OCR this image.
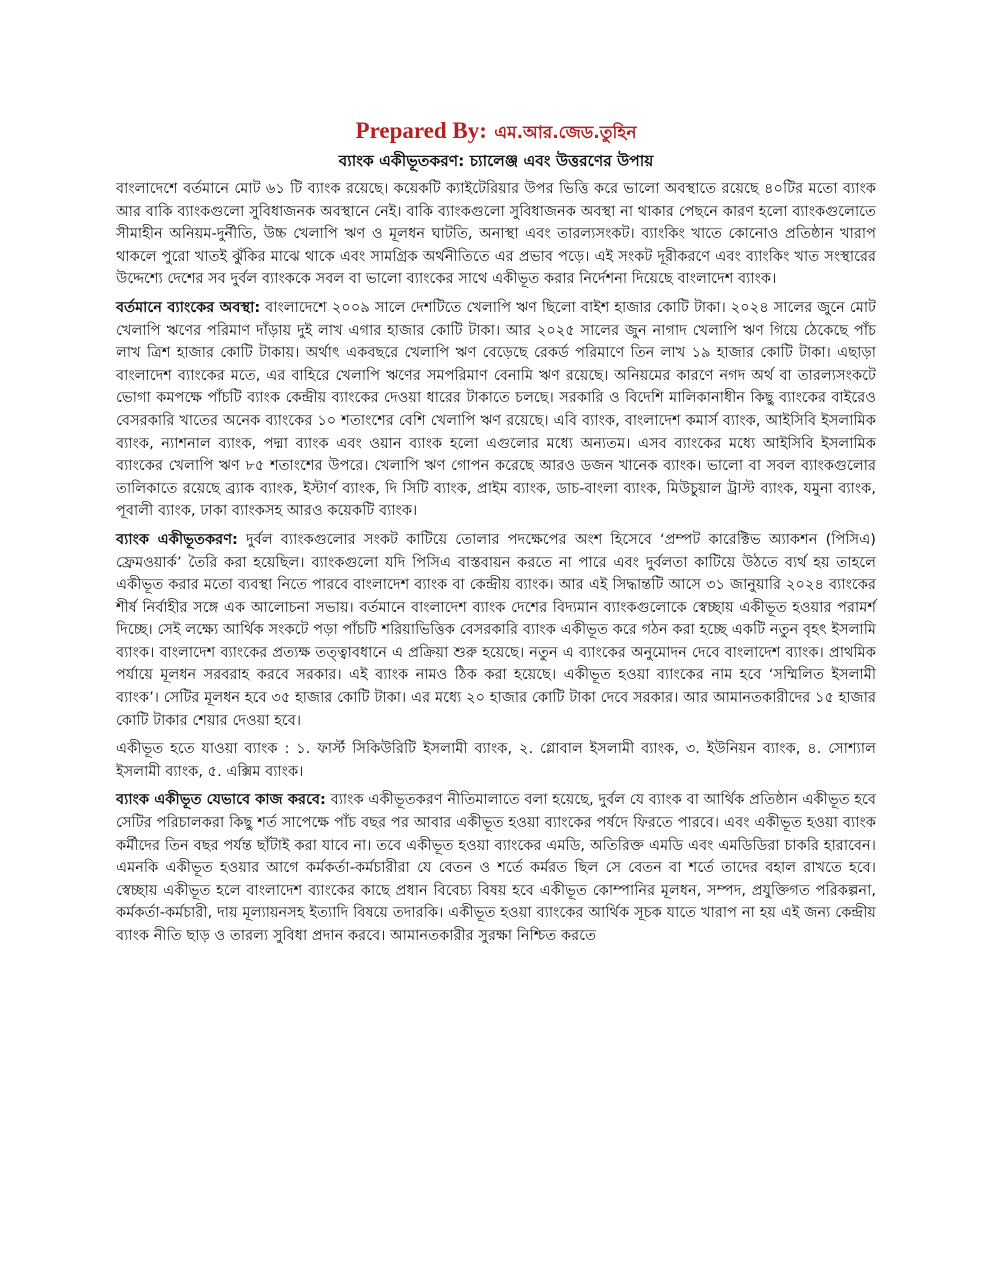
Prepared By: এম.আর.জেড.তুহিন
ব্যাংক একীভূতকরণ: চ্যালেঞ্জ এবং উত্তরণের উপায়

বাংলাদেশে বর্তমানে মোট ৬১ টি ব্যাংক রয়েছে। কয়েকটি ক্যাইটেরিয়ার উপর ভিত্তি করে ভালো অবস্থাতে রয়েছে ৪০টির মতো ব্যাংক আর বাকি ব্যাংকগুলো সুবিধাজনক অবস্থানে নেই। বাকি ব্যাংকগুলো সুবিধাজনক অবস্থা না থাকার পেছনে কারণ হলো ব্যাংকগুলোতে সীমাহীন অনিয়ম-দুর্নীতি, উচ্চ খেলাপি ঋণ ও মূলধন ঘাটতি, অনাস্থা এবং তারল্যসংকট। ব্যাংকিং খাতে কোনোও প্রতিষ্ঠান খারাপ থাকলে পুরো খাতই ঝুঁকির মাঝে থাকে এবং সামগ্রিক অর্থনীতিতে এর প্রভাব পড়ে। এই সংকট দূরীকরণে এবং ব্যাংকিং খাত সংস্থারের উদ্দেশ্যে দেশের সব দুর্বল ব্যাংককে সবল বা ভালো ব্যাংকের সাথে একীভূত করার নির্দেশনা দিয়েছে বাংলাদেশ ব্যাংক।

বর্তমানে ব্যাংকের অবস্থা: বাংলাদেশে ২০০৯ সালে দেশটিতে খেলাপি ঋণ ছিলো বাইশ হাজার কোটি টাকা। ২০২৪ সালের জুনে মোট খেলাপি ঋণের পরিমাণ দাঁড়ায় দুই লাখ এগার হাজার কোটি টাকা। আর ২০২৫ সালের জুন নাগাদ খেলাপি ঋণ গিয়ে ঠেকেছে পাঁচ লাখ ত্রিশ হাজার কোটি টাকায়। অর্থাৎ একবছরে খেলাপি ঋণ বেড়েছে রেকর্ড পরিমাণে তিন লাখ ১৯ হাজার কোটি টাকা। এছাড়া বাংলাদেশ ব্যাংকের মতে, এর বাহিরে খেলাপি ঋণের সমপরিমাণ বেনামি ঋণ রয়েছে। অনিয়মের কারণে নগদ অর্থ বা তারল্যসংকটে ভোগা কমপক্ষে পাঁচটি ব্যাংক কেন্দ্রীয় ব্যাংকের দেওয়া ধারের টাকাতে চলছে। সরকারি ও বিদেশি মালিকানাধীন কিছু ব্যাংকের বাইরেও বেসরকারি খাতের অনেক ব্যাংকের ১০ শতাংশের বেশি খেলাপি ঋণ রয়েছে। এবি ব্যাংক, বাংলাদেশ কমার্স ব্যাংক, আইসিবি ইসলামিক ব্যাংক, ন্যাশনাল ব্যাংক, পদ্মা ব্যাংক এবং ওয়ান ব্যাংক হলো এগুলোর মধ্যে অন্যতম। এসব ব্যাংকের মধ্যে আইসিবি ইসলামিক ব্যাংকের খেলাপি ঋণ ৮৫ শতাংশের উপরে। খেলাপি ঋণ গোপন করেছে আরও ডজন খানেক ব্যাংক। ভালো বা সবল ব্যাংকগুলোর তালিকাতে রয়েছে ব্র্যাক ব্যাংক, ইস্টার্ণ ব্যাংক, দি সিটি ব্যাংক, প্রাইম ব্যাংক, ডাচ-বাংলা ব্যাংক, মিউচুয়াল ট্রাস্ট ব্যাংক, যমুনা ব্যাংক, পূবালী ব্যাংক, ঢাকা ব্যাংকসহ আরও কয়েকটি ব্যাংক।

ব্যাংক একীভূতকরণ: দুর্বল ব্যাংকগুলোর সংকট কাটিয়ে তোলার পদক্ষেপের অংশ হিসেবে ‘প্রম্পট কারেক্টিভ অ্যাকশন (পিসিএ) ফ্রেমওয়ার্ক’ তৈরি করা হয়েছিল। ব্যাংকগুলো যদি পিসিএ বাস্তবায়ন করতে না পারে এবং দুর্বলতা কাটিয়ে উঠতে ব্যর্থ হয় তাহলে একীভূত করার মতো ব্যবস্থা নিতে পারবে বাংলাদেশ ব্যাংক বা কেন্দ্রীয় ব্যাংক। আর এই সিদ্ধান্তটি আসে ৩১ জানুয়ারি ২০২৪ ব্যাংকের শীর্ষ নির্বাহীর সঙ্গে এক আলোচনা সভায়। বর্তমানে বাংলাদেশ ব্যাংক দেশের বিদ্যমান ব্যাংকগুলোকে স্বেচ্ছায় একীভূত হওয়ার পরামর্শ দিচ্ছে। সেই লক্ষ্যে আর্থিক সংকটে পড়া পাঁচটি শরিয়াভিত্তিক বেসরকারি ব্যাংক একীভূত করে গঠন করা হচ্ছে একটি নতুন বৃহৎ ইসলামি ব্যাংক। বাংলাদেশ ব্যাংকের প্রত্যক্ষ তত্ত্বাবধানে এ প্রক্রিয়া শুরু হয়েছে। নতুন এ ব্যাংকের অনুমোদন দেবে বাংলাদেশ ব্যাংক। প্রাথমিক পর্যায়ে মূলধন সরবরাহ করবে সরকার। এই ব্যাংক নামও ঠিক করা হয়েছে। একীভূত হওয়া ব্যাংকের নাম হবে ‘সম্মিলিত ইসলামী ব্যাংক’। সেটির মূলধন হবে ৩৫ হাজার কোটি টাকা। এর মধ্যে ২০ হাজার কোটি টাকা দেবে সরকার। আর আমানতকারীদের ১৫ হাজার কোটি টাকার শেয়ার দেওয়া হবে।

একীভূত হতে যাওয়া ব্যাংক : ১. ফার্স্ট সিকিউরিটি ইসলামী ব্যাংক, ২. গ্লোবাল ইসলামী ব্যাংক, ৩. ইউনিয়ন ব্যাংক, ৪. সোশ্যাল ইসলামী ব্যাংক, ৫. এক্সিম ব্যাংক।

ব্যাংক একীভূত যেভাবে কাজ করবে: ব্যাংক একীভূতকরণ নীতিমালাতে বলা হয়েছে, দুর্বল যে ব্যাংক বা আর্থিক প্রতিষ্ঠান একীভূত হবে সেটির পরিচালকরা কিছু শর্ত সাপেক্ষে পাঁচ বছর পর আবার একীভূত হওয়া ব্যাংকের পর্ষদে ফিরতে পারবে। এবং একীভূত হওয়া ব্যাংক কর্মীদের তিন বছর পর্যন্ত ছাঁটাই করা যাবে না। তবে একীভূত হওয়া ব্যাংকের এমডি, অতিরিক্ত এমডি এবং এমডিডিরা চাকরি হারাবেন। এমনকি একীভূত হওয়ার আগে কর্মকর্তা-কর্মচারীরা যে বেতন ও শর্তে কর্মরত ছিল সে বেতন বা শর্তে তাদের বহাল রাখতে হবে। স্বেচ্ছায় একীভূত হলে বাংলাদেশ ব্যাংকের কাছে প্রধান বিবেচ্য বিষয় হবে একীভূত কোম্পানির মূলধন, সম্পদ, প্রযুক্তিগত পরিকল্পনা, কর্মকর্তা-কর্মচারী, দায় মূল্যায়নসহ ইত্যাদি বিষয়ে তদারকি। একীভূত হওয়া ব্যাংকের আর্থিক সূচক যাতে খারাপ না হয় এই জন্য কেন্দ্রীয় ব্যাংক নীতি ছাড় ও তারল্য সুবিধা প্রদান করবে। আমানতকারীর সুরক্ষা নিশ্চিত করতে
